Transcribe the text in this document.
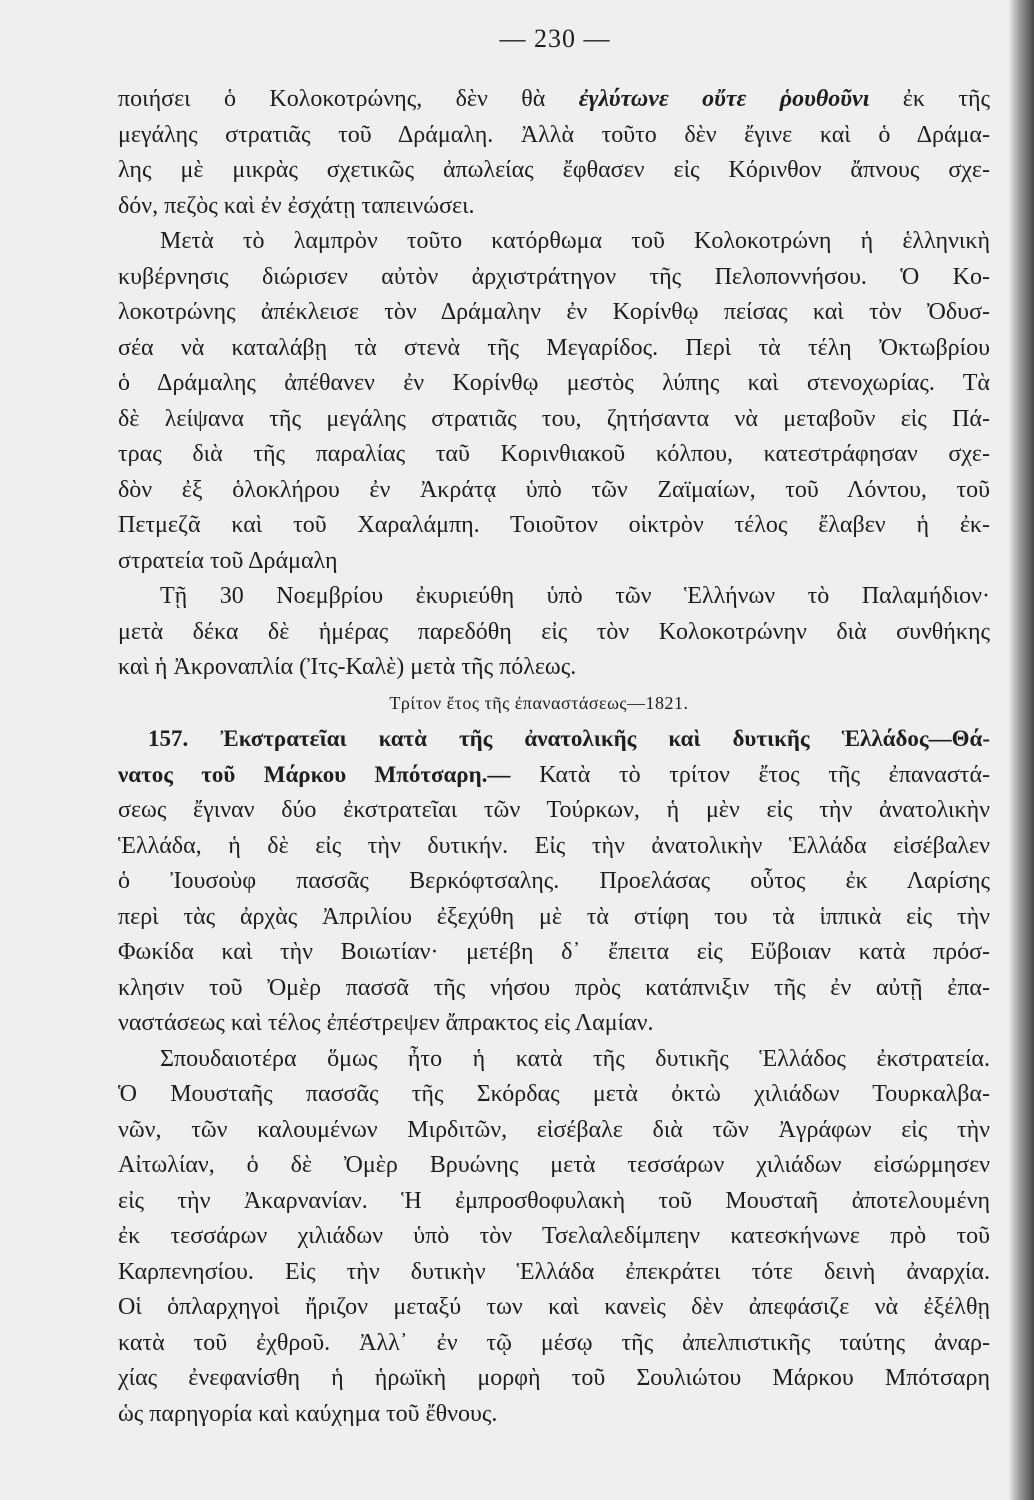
— 230 —
ποιήσει ὁ Κολοκοτρώνης, δὲν θὰ ἐγλύτωνε οὔτε ῥουθοῦνι ἐκ τῆς
μεγάλης στρατιᾶς τοῦ Δράμαλη. Ἀλλὰ τοῦτο δὲν ἔγινε καὶ ὁ Δράμα-
λης μὲ μικρὰς σχετικῶς ἀπωλείας ἔφθασεν εἰς Κόρινθον ἄπνους σχε-
δόν, πεζὸς καὶ ἐν ἐσχάτῃ ταπεινώσει.
Μετὰ τὸ λαμπρὸν τοῦτο κατόρθωμα τοῦ Κολοκοτρώνη ἡ ἑλληνικὴ
κυβέρνησις διώρισεν αὐτὸν ἀρχιστράτηγον τῆς Πελοποννήσου. Ὁ Κο-
λοκοτρώνης ἀπέκλεισε τὸν Δράμαλην ἐν Κορίνθῳ πείσας καὶ τὸν Ὀδυσ-
σέα νὰ καταλάβῃ τὰ στενὰ τῆς Μεγαρίδος. Περὶ τὰ τέλη Ὀκτωβρίου
ὁ Δράμαλης ἀπέθανεν ἐν Κορίνθῳ μεστὸς λύπης καὶ στενοχωρίας. Τὰ
δὲ λείψανα τῆς μεγάλης στρατιᾶς του, ζητήσαντα νὰ μεταβοῦν εἰς Πά-
τρας διὰ τῆς παραλίας ταῦ Κορινθιακοῦ κόλπου, κατεστράφησαν σχε-
δὸν ἐξ ὁλοκλήρου ἐν Ἀκράτᾳ ὑπὸ τῶν Ζαϊμαίων, τοῦ Λόντου, τοῦ
Πετμεζᾶ καὶ τοῦ Χαραλάμπη. Τοιοῦτον οἰκτρὸν τέλος ἔλαβεν ἡ ἐκ-
στρατεία τοῦ Δράμαλη
Τῇ 30 Νοεμβρίου ἐκυριεύθη ὑπὸ τῶν Ἑλλήνων τὸ Παλαμήδιον·
μετὰ δέκα δὲ ἡμέρας παρεδόθη εἰς τὸν Κολοκοτρώνην διὰ συνθήκης
καὶ ἡ Ἀκροναπλία (Ἰτς-Καλὲ) μετὰ τῆς πόλεως.
Τρίτον ἔτος τῆς ἐπαναστάσεως—1821.
157. Ἐκστρατεῖαι κατὰ τῆς ἀνατολικῆς καὶ δυτικῆς Ἑλλάδος—Θά-
νατος τοῦ Μάρκου Μπότσαρη.— Κατὰ τὸ τρίτον ἔτος τῆς ἐπαναστά-
σεως ἔγιναν δύο ἐκστρατεῖαι τῶν Τούρκων, ἡ μὲν εἰς τὴν ἀνατολικὴν
Ἑλλάδα, ἡ δὲ εἰς τὴν δυτικήν. Εἰς τὴν ἀνατολικὴν Ἑλλάδα εἰσέβαλεν
ὁ Ἰουσοὺφ πασσᾶς Βερκόφτσαλης. Προελάσας οὗτος ἐκ Λαρίσης
περὶ τὰς ἀρχὰς Ἀπριλίου ἐξεχύθη μὲ τὰ στίφη του τὰ ἱππικὰ εἰς τὴν
Φωκίδα καὶ τὴν Βοιωτίαν· μετέβη δ᾽ ἔπειτα εἰς Εὔβοιαν κατὰ πρόσ-
κλησιν τοῦ Ὀμὲρ πασσᾶ τῆς νήσου πρὸς κατάπνιξιν τῆς ἐν αὐτῇ ἐπα-
ναστάσεως καὶ τέλος ἐπέστρεψεν ἄπρακτος εἰς Λαμίαν.
Σπουδαιοτέρα ὅμως ἦτο ἡ κατὰ τῆς δυτικῆς Ἑλλάδος ἐκστρατεία.
Ὁ Μουσταῆς πασσᾶς τῆς Σκόρδας μετὰ ὀκτὼ χιλιάδων Τουρκαλβα-
νῶν, τῶν καλουμένων Μιρδιτῶν, εἰσέβαλε διὰ τῶν Ἀγράφων εἰς τὴν
Αἰτωλίαν, ὁ δὲ Ὀμὲρ Βρυώνης μετὰ τεσσάρων χιλιάδων εἰσώρμησεν
εἰς τὴν Ἀκαρνανίαν. Ἡ ἐμπροσθοφυλακὴ τοῦ Μουσταῆ ἀποτελουμένη
ἐκ τεσσάρων χιλιάδων ὑπὸ τὸν Τσελαλεδίμπεην κατεσκήνωνε πρὸ τοῦ
Καρπενησίου. Εἰς τὴν δυτικὴν Ἑλλάδα ἐπεκράτει τότε δεινὴ ἀναρχία.
Οἱ ὁπλαρχηγοὶ ἤριζον μεταξύ των καὶ κανεὶς δὲν ἀπεφάσιζε νὰ ἐξέλθῃ
κατὰ τοῦ ἐχθροῦ. Ἀλλ᾽ ἐν τῷ μέσῳ τῆς ἀπελπιστικῆς ταύτης ἀναρ-
χίας ἐνεφανίσθη ἡ ἡρωϊκὴ μορφὴ τοῦ Σουλιώτου Μάρκου Μπότσαρη
ὡς παρηγορία καὶ καύχημα τοῦ ἔθνους.
